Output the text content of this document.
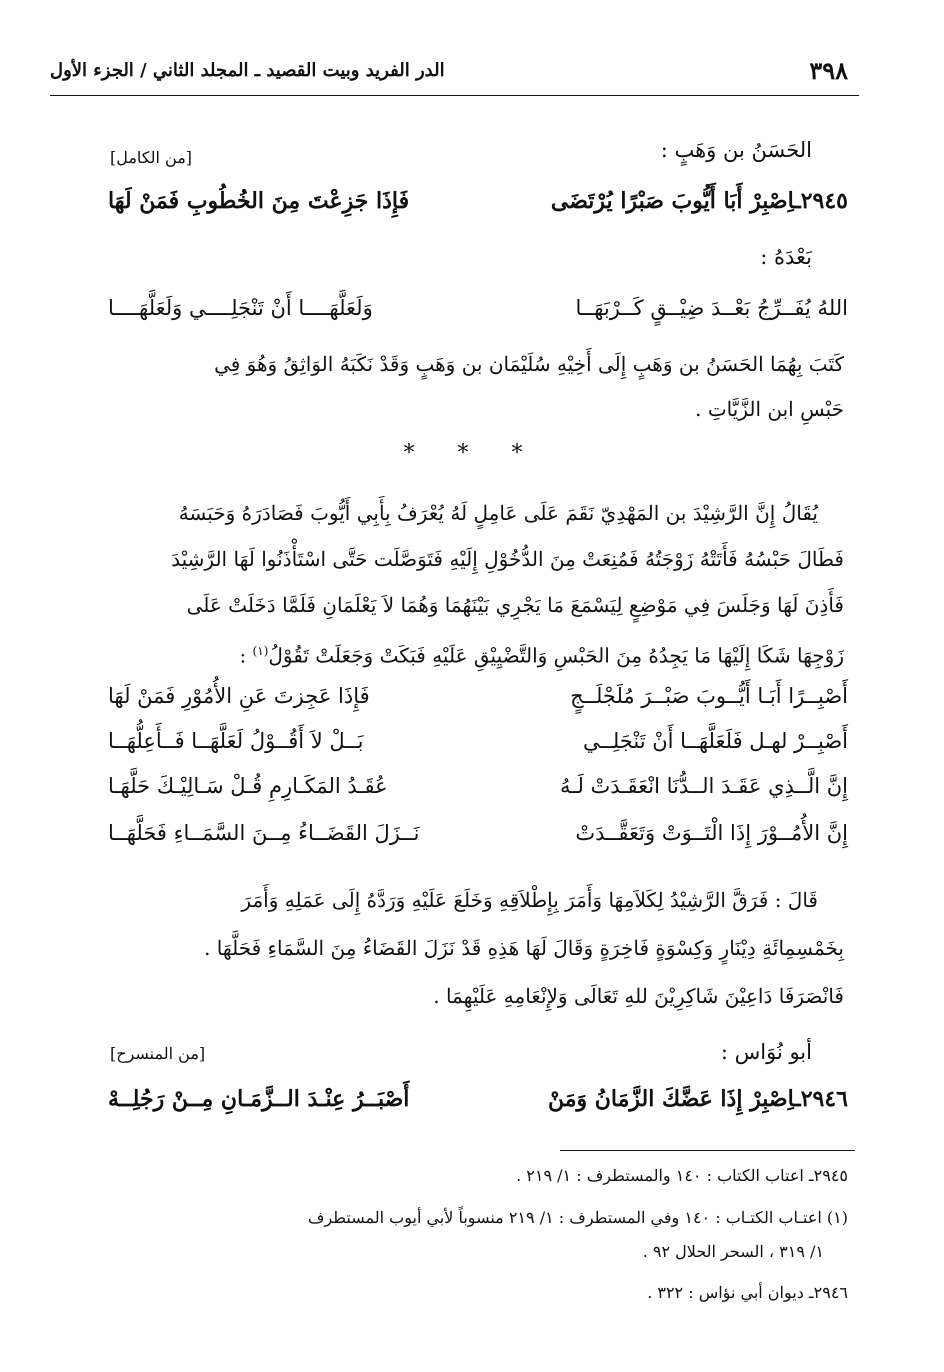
الدر الفريد وبيت القصيد ـ المجلد الثاني / الجزء الأول	٣٩٨
الحَسَنُ بن وَهَبٍ :
[من الكامل]
٢٩٤٥ـاِصْبِرْ أَبَا أَيُّوبَ صَبْرًا يُرْتَضَى
فَإِذَا جَزِعْتَ مِنَ الخُطُوبِ فَمَنْ لَهَا
بَعْدَهُ :
اللهُ يُفَــرِّجُ بَعْــدَ ضِيْــقٍ كَــرْبَهَــا
وَلَعَلَّهَــــا أَنْ تَنْجَلِــــي وَلَعَلَّهَــــا

كَتَبَ بِهُمَا الحَسَنُ بن وَهَبٍ إِلَى أَخِيْهِ سُلَيْمَان بن وَهَبٍ وَقَدْ نَكَبَهُ الوَاثِقُ وَهُوَ فِي

حَبْسِ ابن الزَّيَّاتِ .

* * *

يُقَالُ إِنَّ الرَّشِيْدَ بن المَهْدِيّ نَقَمَ عَلَى عَامِلٍ لَهُ يُعْرَفُ بِأَبِي أَيُّوبَ فَصَادَرَهُ وَحَبَسَهُ

فَطَالَ حَبْسُهُ فَأَتَتْهُ زَوْجَتُهُ فَمُنِعَتْ مِنَ الدُّخُوْلِ إِلَيْهِ فَتَوَصَّلَت حَتَّى اسْتَأْذَنُوا لَهَا الرَّشِيْدَ

فَأَذِنَ لَهَا وَجَلَسَ فِي مَوْضِعٍ لِيَسْمَعَ مَا يَجْرِي بَيْنَهُمَا وَهُمَا لاَ يَعْلَمَانِ فَلَمَّا دَخَلَتْ عَلَى

زَوْجِهَا شَكَا إِلَيْهَا مَا يَجِدُهُ مِنَ الحَبْسِ وَالتَّضْيِيْقِ عَلَيْهِ فَبَكَتْ وَجَعَلَتْ تَقُوْلُ$^{(١)}$ :

أَصْبِــرًا أَبَـا أَيُّــوبَ صَبْــرَ مُلَجْلَــجٍ
فَإِذَا عَجِزتَ عَنِ الأُمُوْرِ فَمَنْ لَهَا
أَصْبِــرْ لهـل فَلَعَلَّهَــا أَنْ تَنْجَلِــي
بَــلْ لاَ أَقُــوْلُ لَعَلَّهَــا فَــأَعِلُّهَــا
إِنَّ الَّــذِي عَقَـدَ الــدُّنَا انْعَقَـدَتْ لَـهُ
عُقَـدُ المَكَـارِمِ قُـلْ سَـالِيْـكَ حَلَّهَـا
إِنَّ الأُمُــوْرَ إِذَا الْتَــوَتْ وَتَعَقَّــدَتْ
نَــزَلَ القَضَــاءُ مِــنَ السَّمَــاءِ فَحَلَّهَــا

قَالَ : فَرَقَّ الرَّشِيْدُ لِكَلاَمِهَا وَأَمَرَ بِإِطْلاَقِهِ وَخَلَعَ عَلَيْهِ وَرَدَّهُ إِلَى عَمَلِهِ وَأَمَرَ

بِخَمْسِمِائَةِ دِيْنَارٍ وَكِسْوَةٍ فَاخِرَةٍ وَقَالَ لَهَا هَذِهِ قَدْ نَزَلَ القَضَاءُ مِنَ السَّمَاءِ فَحَلَّهَا .

فَانْصَرَفَا دَاعِيْنَ شَاكِرِيْنَ للهِ تَعَالَى وَلإِنْعَامِهِ عَلَيْهِمَا .

أبو نُوَاس :
[من المنسرح]
٢٩٤٦ـاِصْبِرْ إِذَا عَضَّكَ الزَّمَانُ وَمَنْ
أَصْبَــرُ عِنْـدَ الــزَّمَـانِ مِــنْ رَجُلِــهْ
٢٩٤٥ـ اعتاب الكتاب : ١٤٠ والمستطرف : ١/ ٢١٩ .
(١) اعتـاب الكتـاب : ١٤٠ وفي المستطرف : ١/ ٢١٩ منسوباً لأبي أيوب المستطرف
١/ ٣١٩ ، السحر الحلال ٩٢ .
٢٩٤٦ـ ديوان أبي نؤاس : ٣٢٢ .
